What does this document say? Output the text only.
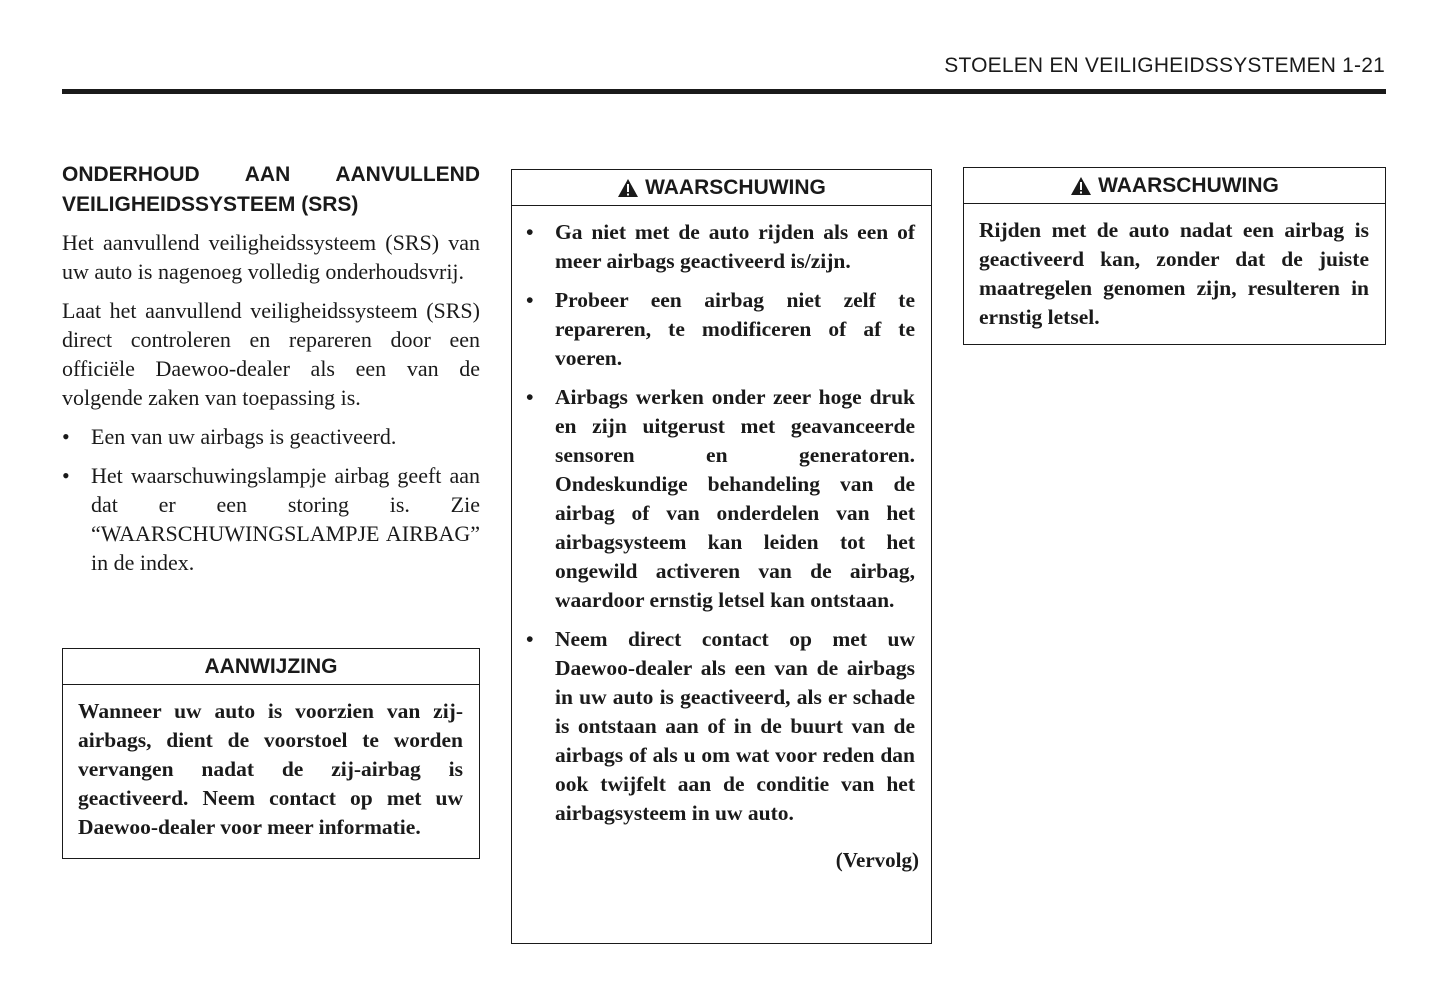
STOELEN EN VEILIGHEIDSSYSTEMEN 1-21
ONDERHOUD AAN AANVULLEND VEILIGHEIDSSYSTEEM (SRS)

Het aanvullend veiligheidssysteem (SRS) van uw auto is nagenoeg volledig onderhoudsvrij.

Laat het aanvullend veiligheidssysteem (SRS) direct controleren en repareren door een officiële Daewoo-dealer als een van de volgende zaken van toepassing is.

• Een van uw airbags is geactiveerd.
• Het waarschuwingslampje airbag geeft aan dat er een storing is. Zie “WAARSCHUWINGSLAMPJE AIRBAG” in de index.
AANWIJZING

Wanneer uw auto is voorzien van zij-airbags, dient de voorstoel te worden vervangen nadat de zij-airbag is geactiveerd. Neem contact op met uw Daewoo-dealer voor meer informatie.

WAARSCHUWING
• Ga niet met de auto rijden als een of meer airbags geactiveerd is/zijn.
• Probeer een airbag niet zelf te repareren, te modificeren of af te voeren.
• Airbags werken onder zeer hoge druk en zijn uitgerust met geavanceerde sensoren en generatoren. Ondeskundige behandeling van de airbag of van onderdelen van het airbagsysteem kan leiden tot het ongewild activeren van de airbag, waardoor ernstig letsel kan ontstaan.
• Neem direct contact op met uw Daewoo-dealer als een van de airbags in uw auto is geactiveerd, als er schade is ontstaan aan of in de buurt van de airbags of als u om wat voor reden dan ook twijfelt aan de conditie van het airbagsysteem in uw auto.
(Vervolg)
WAARSCHUWING

Rijden met de auto nadat een airbag is geactiveerd kan, zonder dat de juiste maatregelen genomen zijn, resulteren in ernstig letsel.
